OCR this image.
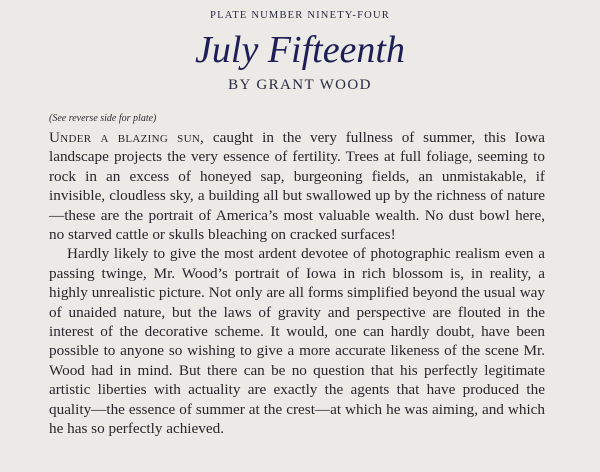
PLATE NUMBER NINETY-FOUR
July Fifteenth
BY GRANT WOOD
(See reverse side for plate)

Under a blazing sun, caught in the very fullness of summer, this Iowa landscape projects the very essence of fertility. Trees at full foliage, seeming to rock in an excess of honeyed sap, burgeoning fields, an unmistakable, if invisible, cloudless sky, a building all but swallowed up by the richness of nature—these are the portrait of America’s most valuable wealth. No dust bowl here, no starved cattle or skulls bleaching on cracked surfaces!

Hardly likely to give the most ardent devotee of photographic realism even a passing twinge, Mr. Wood’s portrait of Iowa in rich blossom is, in reality, a highly unrealistic picture. Not only are all forms simplified beyond the usual way of unaided nature, but the laws of gravity and perspective are flouted in the interest of the decorative scheme. It would, one can hardly doubt, have been possible to anyone so wishing to give a more accurate likeness of the scene Mr. Wood had in mind. But there can be no question that his perfectly legitimate artistic liberties with actuality are exactly the agents that have produced the quality—the essence of summer at the crest—at which he was aiming, and which he has so perfectly achieved.
